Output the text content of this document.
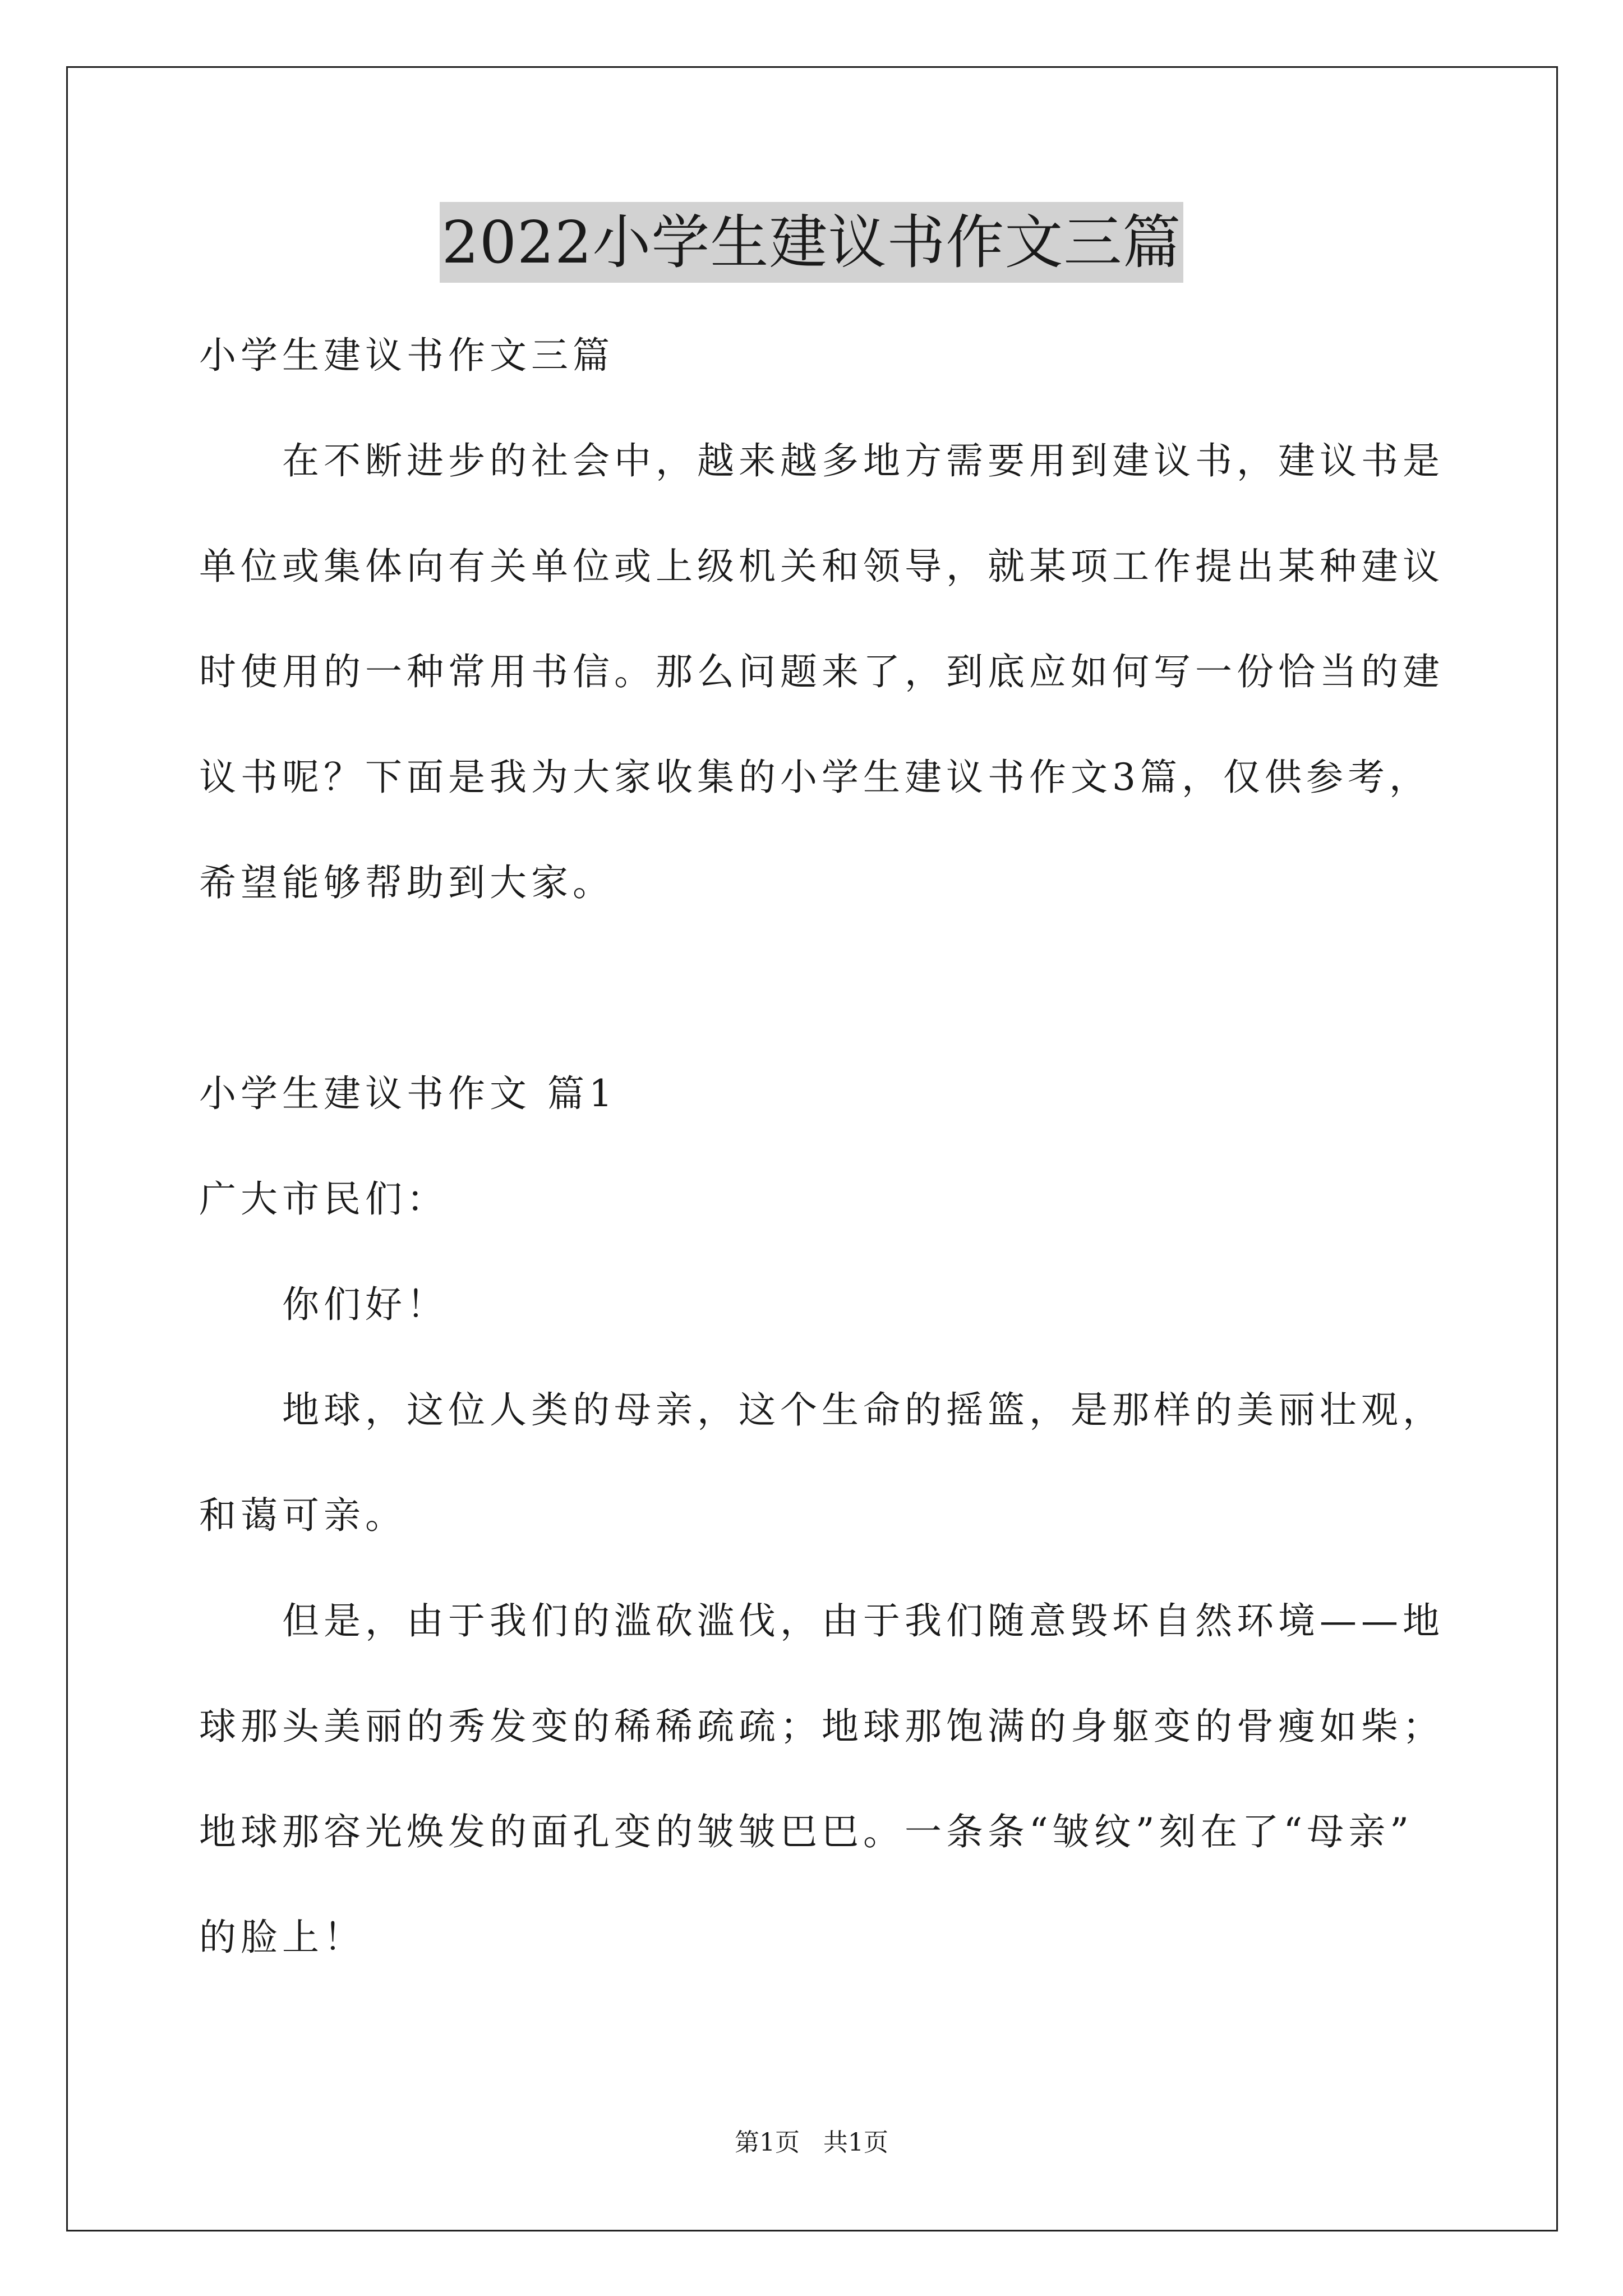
2022小学生建议书作文三篇
小学生建议书作文三篇
在不断进步的社会中，越来越多地方需要用到建议书，建议书是
单位或集体向有关单位或上级机关和领导，就某项工作提出某种建议
时使用的一种常用书信。那么问题来了，到底应如何写一份恰当的建
议书呢？下面是我为大家收集的小学生建议书作文3篇，仅供参考，
希望能够帮助到大家。
小学生建议书作文 篇1
广大市民们：
你们好！
地球，这位人类的母亲，这个生命的摇篮，是那样的美丽壮观，
和蔼可亲。
但是，由于我们的滥砍滥伐，由于我们随意毁坏自然环境——地
球那头美丽的秀发变的稀稀疏疏；地球那饱满的身躯变的骨瘦如柴；
地球那容光焕发的面孔变的皱皱巴巴。一条条“皱纹”刻在了“母亲”
的脸上！
第1页 共1页
